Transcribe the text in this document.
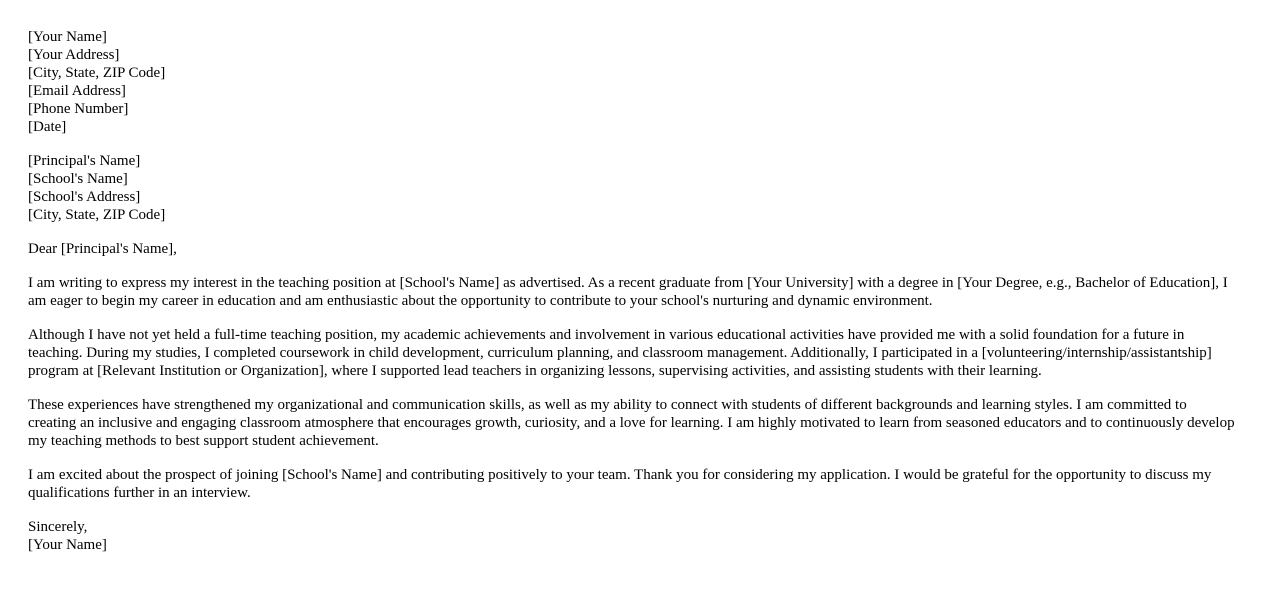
[Your Name]
[Your Address]
[City, State, ZIP Code]
[Email Address]
[Phone Number]
[Date]
[Principal's Name]
[School's Name]
[School's Address]
[City, State, ZIP Code]

Dear [Principal's Name],

I am writing to express my interest in the teaching position at [School's Name] as advertised. As a recent graduate from [Your University] with a degree in [Your Degree, e.g., Bachelor of Education], I am eager to begin my career in education and am enthusiastic about the opportunity to contribute to your school's nurturing and dynamic environment.

Although I have not yet held a full-time teaching position, my academic achievements and involvement in various educational activities have provided me with a solid foundation for a future in teaching. During my studies, I completed coursework in child development, curriculum planning, and classroom management. Additionally, I participated in a [volunteering/internship/assistantship] program at [Relevant Institution or Organization], where I supported lead teachers in organizing lessons, supervising activities, and assisting students with their learning.

These experiences have strengthened my organizational and communication skills, as well as my ability to connect with students of different backgrounds and learning styles. I am committed to creating an inclusive and engaging classroom atmosphere that encourages growth, curiosity, and a love for learning. I am highly motivated to learn from seasoned educators and to continuously develop my teaching methods to best support student achievement.

I am excited about the prospect of joining [School's Name] and contributing positively to your team. Thank you for considering my application. I would be grateful for the opportunity to discuss my qualifications further in an interview.

Sincerely,
[Your Name]
